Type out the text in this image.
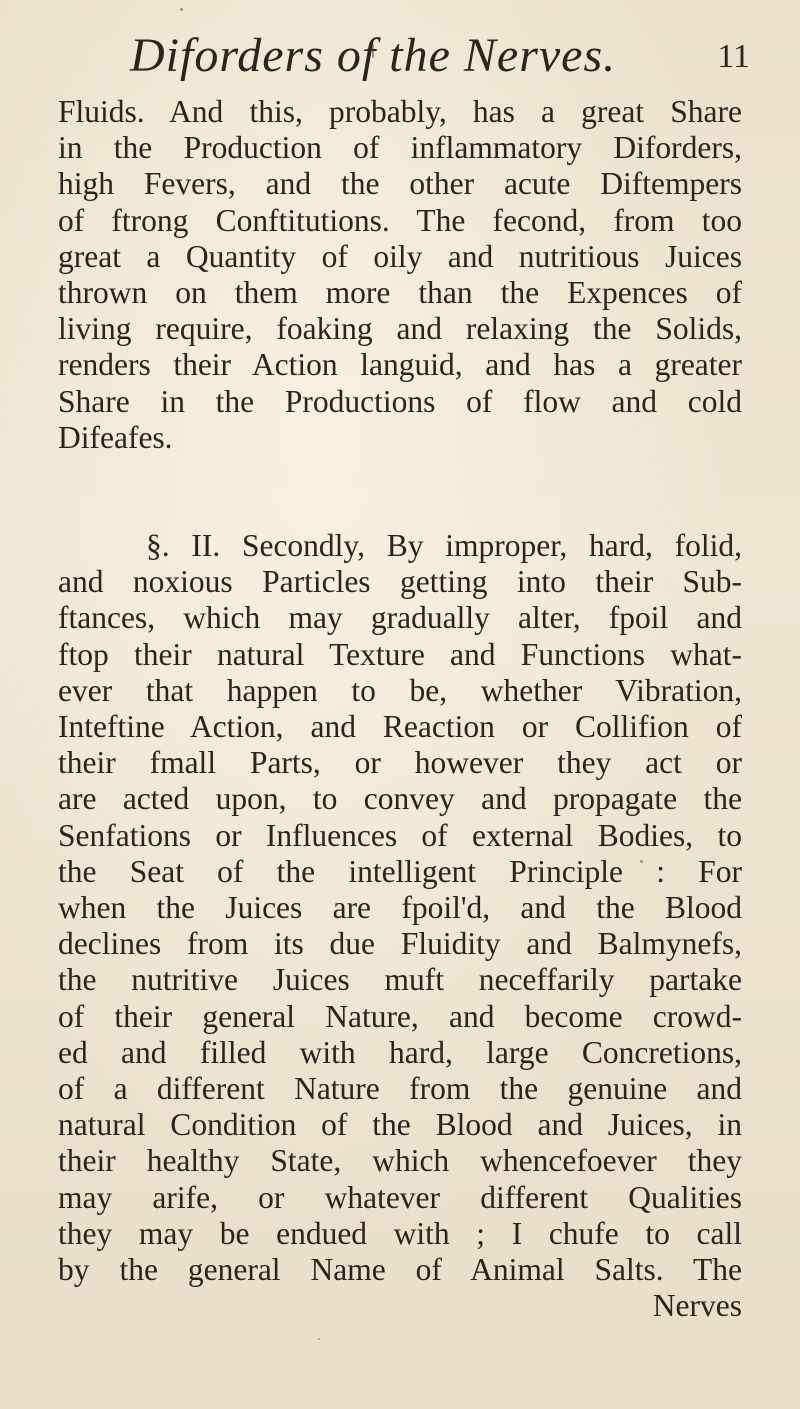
Diforders of the Nerves.	11
Fluids. And this, probably, has a great Share
in the Production of inflammatory Diforders,
high Fevers, and the other acute Diftempers
of ftrong Conftitutions. The fecond, from too
great a Quantity of oily and nutritious Juices
thrown on them more than the Expences of
living require, foaking and relaxing the Solids,
renders their Action languid, and has a greater
Share in the Productions of flow and cold
Difeafes.
§. II. Secondly, By improper, hard, folid,
and noxious Particles getting into their Sub-
ftances, which may gradually alter, fpoil and
ftop their natural Texture and Functions what-
ever that happen to be, whether Vibration,
Inteftine Action, and Reaction or Collifion of
their fmall Parts, or however they act or
are acted upon, to convey and propagate the
Senfations or Influences of external Bodies, to
the Seat of the intelligent Principle : For
when the Juices are fpoil'd, and the Blood
declines from its due Fluidity and Balmynefs,
the nutritive Juices muft neceffarily partake
of their general Nature, and become crowd-
ed and filled with hard, large Concretions,
of a different Nature from the genuine and
natural Condition of the Blood and Juices, in
their healthy State, which whencefoever they
may arife, or whatever different Qualities
they may be endued with ; I chufe to call
by the general Name of Animal Salts. The
Nerves
